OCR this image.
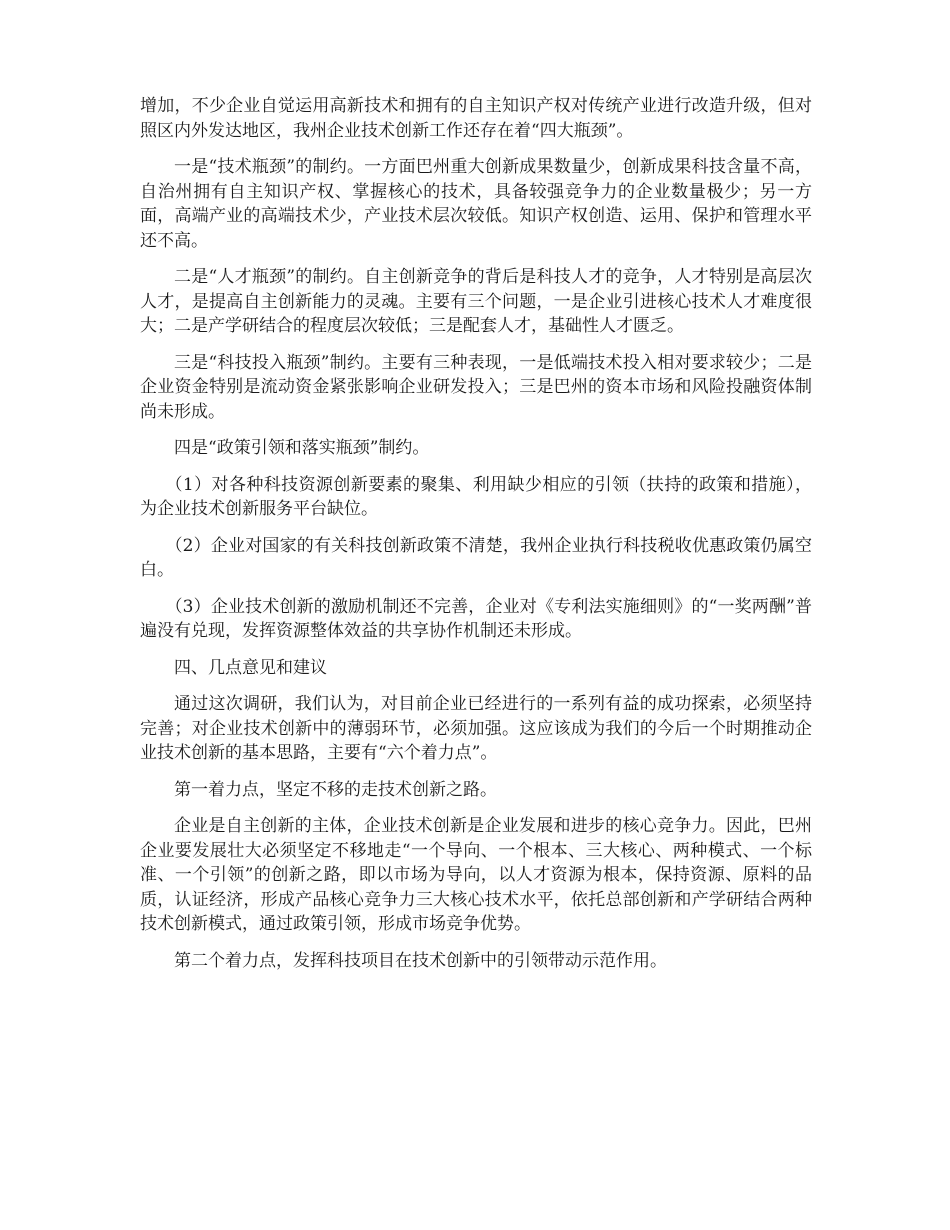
增加，不少企业自觉运用高新技术和拥有的自主知识产权对传统产业进行改造升级，但对照区内外发达地区，我州企业技术创新工作还存在着“四大瓶颈”。

一是“技术瓶颈”的制约。一方面巴州重大创新成果数量少，创新成果科技含量不高，自治州拥有自主知识产权、掌握核心的技术，具备较强竞争力的企业数量极少；另一方面，高端产业的高端技术少，产业技术层次较低。知识产权创造、运用、保护和管理水平还不高。

二是“人才瓶颈”的制约。自主创新竞争的背后是科技人才的竞争，人才特别是高层次人才，是提高自主创新能力的灵魂。主要有三个问题，一是企业引进核心技术人才难度很大；二是产学研结合的程度层次较低；三是配套人才，基础性人才匮乏。

三是“科技投入瓶颈”制约。主要有三种表现，一是低端技术投入相对要求较少；二是企业资金特别是流动资金紧张影响企业研发投入；三是巴州的资本市场和风险投融资体制尚未形成。

四是“政策引领和落实瓶颈”制约。

（1）对各种科技资源创新要素的聚集、利用缺少相应的引领（扶持的政策和措施），为企业技术创新服务平台缺位。

（2）企业对国家的有关科技创新政策不清楚，我州企业执行科技税收优惠政策仍属空白。

（3）企业技术创新的激励机制还不完善，企业对《专利法实施细则》的“一奖两酬”普遍没有兑现，发挥资源整体效益的共享协作机制还未形成。

四、几点意见和建议

通过这次调研，我们认为，对目前企业已经进行的一系列有益的成功探索，必须坚持完善；对企业技术创新中的薄弱环节，必须加强。这应该成为我们的今后一个时期推动企业技术创新的基本思路，主要有“六个着力点”。

第一着力点，坚定不移的走技术创新之路。

企业是自主创新的主体，企业技术创新是企业发展和进步的核心竞争力。因此，巴州企业要发展壮大必须坚定不移地走“一个导向、一个根本、三大核心、两种模式、一个标准、一个引领”的创新之路，即以市场为导向，以人才资源为根本，保持资源、原料的品质，认证经济，形成产品核心竞争力三大核心技术水平，依托总部创新和产学研结合两种技术创新模式，通过政策引领，形成市场竞争优势。

第二个着力点，发挥科技项目在技术创新中的引领带动示范作用。
